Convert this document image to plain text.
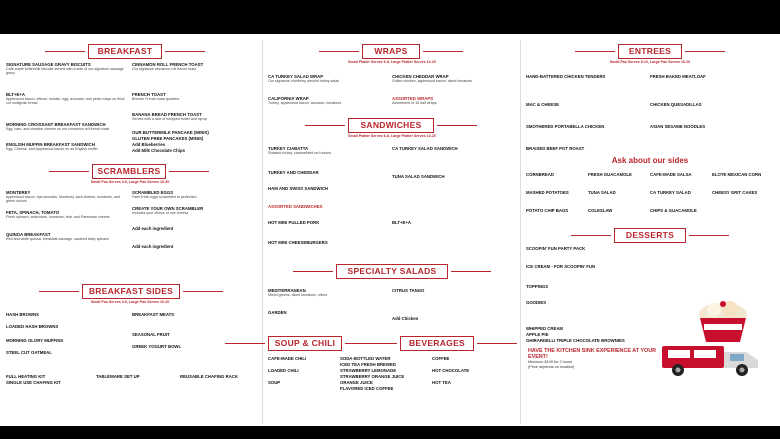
BREAKFAST
SIGNATURE SAUSAGE GRAVY BISCUITS
Cafe-made buttermilk biscuits served with a side of our signature sausage gravy
BLT+E+A
Applewood bacon, lettuce, tomato, egg, avocado, and pesto mayo on thick cut multigrain bread
MORNING CROISSANT BREAKFAST SANDWICH
Egg, ham, and cheddar cheese on our cinnamon roll french toast
ENGLISH MUFFIN BREAKFAST SANDWICH
Egg, Cheese, and Applewood bacon on an English muffin
CINNAMON ROLL FRENCH TOAST
Our signature cinnamon roll french toast
FRENCH TOAST
Brioche French toast quarters
BANANA BREAD FRENCH TOAST
Served with a side of whipped butter and syrup
OUR BUTTERMILK PANCAKE (MINIS)
GLUTEN FREE PANCAKES (MINIS)
Add Blueberries
Add Milk Chocolate Chips
SCRAMBLERS
Small Pan Serves 4-6, Large Pan Serves 10-20
MONTEREY
Applewood bacon, ripe avocado, Monterey Jack cheese, tomatoes, and green onions
FETA, SPINACH, TOMATO
Fresh spinach, artichokes, tomatoes, feta, and Parmesan cheese
QUINOA BREAKFAST
Red and white quinoa, breakfast sausage, sautéed baby spinach
SCRAMBLED EGGS
Farm fresh eggs scrambled to perfection
CREATE YOUR OWN SCRAMBLER
Includes your choice of one cheese
Add each ingredient
Add each ingredient
BREAKFAST SIDES
Small Pan Serves 4-6, Large Pan Serves 10-20
HASH BROWNS
LOADED HASH BROWNS
MORNING GLORY MUFFINS
STEEL CUT OATMEAL
BREAKFAST MEATS
SEASONAL FRUIT
GREEK YOGURT BOWL
FULL HEATING KIT
SINGLE USE CHAFING KIT
TABLEWARE SET UP	REUSABLE CHAFING RACK
WRAPS
Small Platter Serves 6-8, Large Platter Serves 10-20
CA TURKEY SALAD WRAP
Our signature cranberry almond turkey salad
CALIFORNIA WRAP
Turkey, applewood bacon, avocado, tomatoes
CHICKEN CHEDDAR WRAP
Grilled chicken, applewood bacon, diced tomatoes
ASSORTED WRAPS
Assortment of 16 half wraps
SANDWICHES
Small Platter Serves 6-8, Large Platter Serves 10-20
TURKEY CIABATTA
Roasted turkey, caramelized red onions
TURKEY AND CHEDDAR
HAM AND SWISS SANDWICH
CA TURKEY SALAD SANDWICH
TUNA SALAD SANDWICH
ASSORTED SANDWICHES
HOT MINI PULLED PORK
HOT MINI CHEESEBURGERS
BLT+E+A
SPECIALTY SALADS
MEDITERRANEAN
Mixed greens, diced tomatoes, olives
GARDEN
CITRUS TANGO
Add Chicken
SOUP & CHILI	BEVERAGES
CAFE-MADE CHILI
LOADED CHILI
SOUP
SODA-BOTTLED WATER
ICED TEA FRESH BREWED
STRAWBERRY LEMONADE
STRAWBERRY ORANGE JUICE
ORANGE JUICE
FLAVORED ICED COFFEE
COFFEE
HOT CHOCOLATE
HOT TEA
ENTREES
Small Pan Serves 8-10, Large Pan Serves 16-20
HAND-BATTERED CHICKEN TENDERS
MAC & CHEESE
SMOTHERED PORTABELLA CHICKEN
BRAISED BEEF POT ROAST
FRESH BAKED MEATLOAF
CHICKEN QUESADILLAS
ASIAN SESAME NOODLES
Ask about our sides
CORNBREAD	FRESH GUACAMOLE	CAFE-MADE SALSA	ELOTE MEXICAN CORN
MASHED POTATOES	TUNA SALAD	CA TURKEY SALAD	CHEESY GRIT CAKES
POTATO CHIP BAGS	COLESLAW	CHIPS & GUACAMOLE
DESSERTS
SCOOPIN' FUN PARTY PACK
ICE CREAM - FOR SCOOPIN' FUN
TOPPINGS
GOODIES
WHIPPED CREAM
APPLE PIE
GHIRARDELLI TRIPLE CHOCOLATE BROWNIES
HAVE THE KITCHEN SINK EXPERIENCE AT YOUR EVENT!
Minimum $149 for 2 hours
(Price depends on location)
